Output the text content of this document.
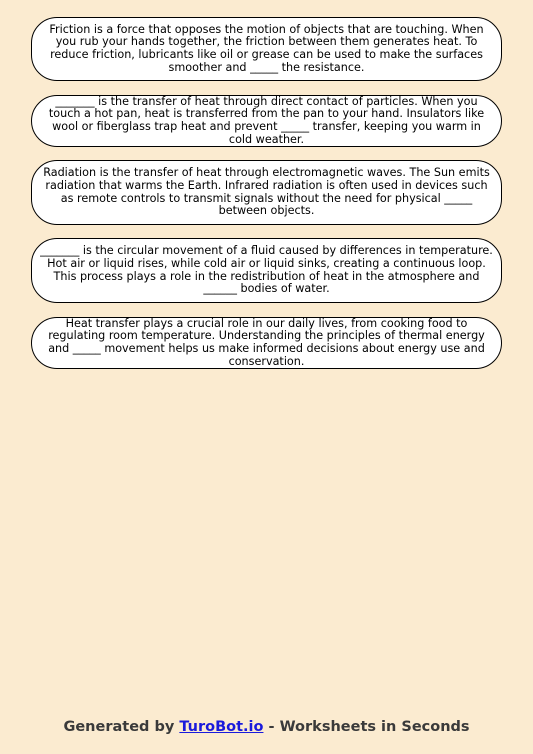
Friction is a force that opposes the motion of objects that are touching. When you rub your hands together, the friction between them generates heat. To reduce friction, lubricants like oil or grease can be used to make the surfaces smoother and _____ the resistance.

_______ is the transfer of heat through direct contact of particles. When you touch a hot pan, heat is transferred from the pan to your hand. Insulators like wool or fiberglass trap heat and prevent _____ transfer, keeping you warm in cold weather.

Radiation is the transfer of heat through electromagnetic waves. The Sun emits radiation that warms the Earth. Infrared radiation is often used in devices such as remote controls to transmit signals without the need for physical _____ between objects.

_______ is the circular movement of a fluid caused by differences in temperature. Hot air or liquid rises, while cold air or liquid sinks, creating a continuous loop. This process plays a role in the redistribution of heat in the atmosphere and ______ bodies of water.

Heat transfer plays a crucial role in our daily lives, from cooking food to regulating room temperature. Understanding the principles of thermal energy and _____ movement helps us make informed decisions about energy use and conservation.

Generated by TuroBot.io - Worksheets in Seconds
